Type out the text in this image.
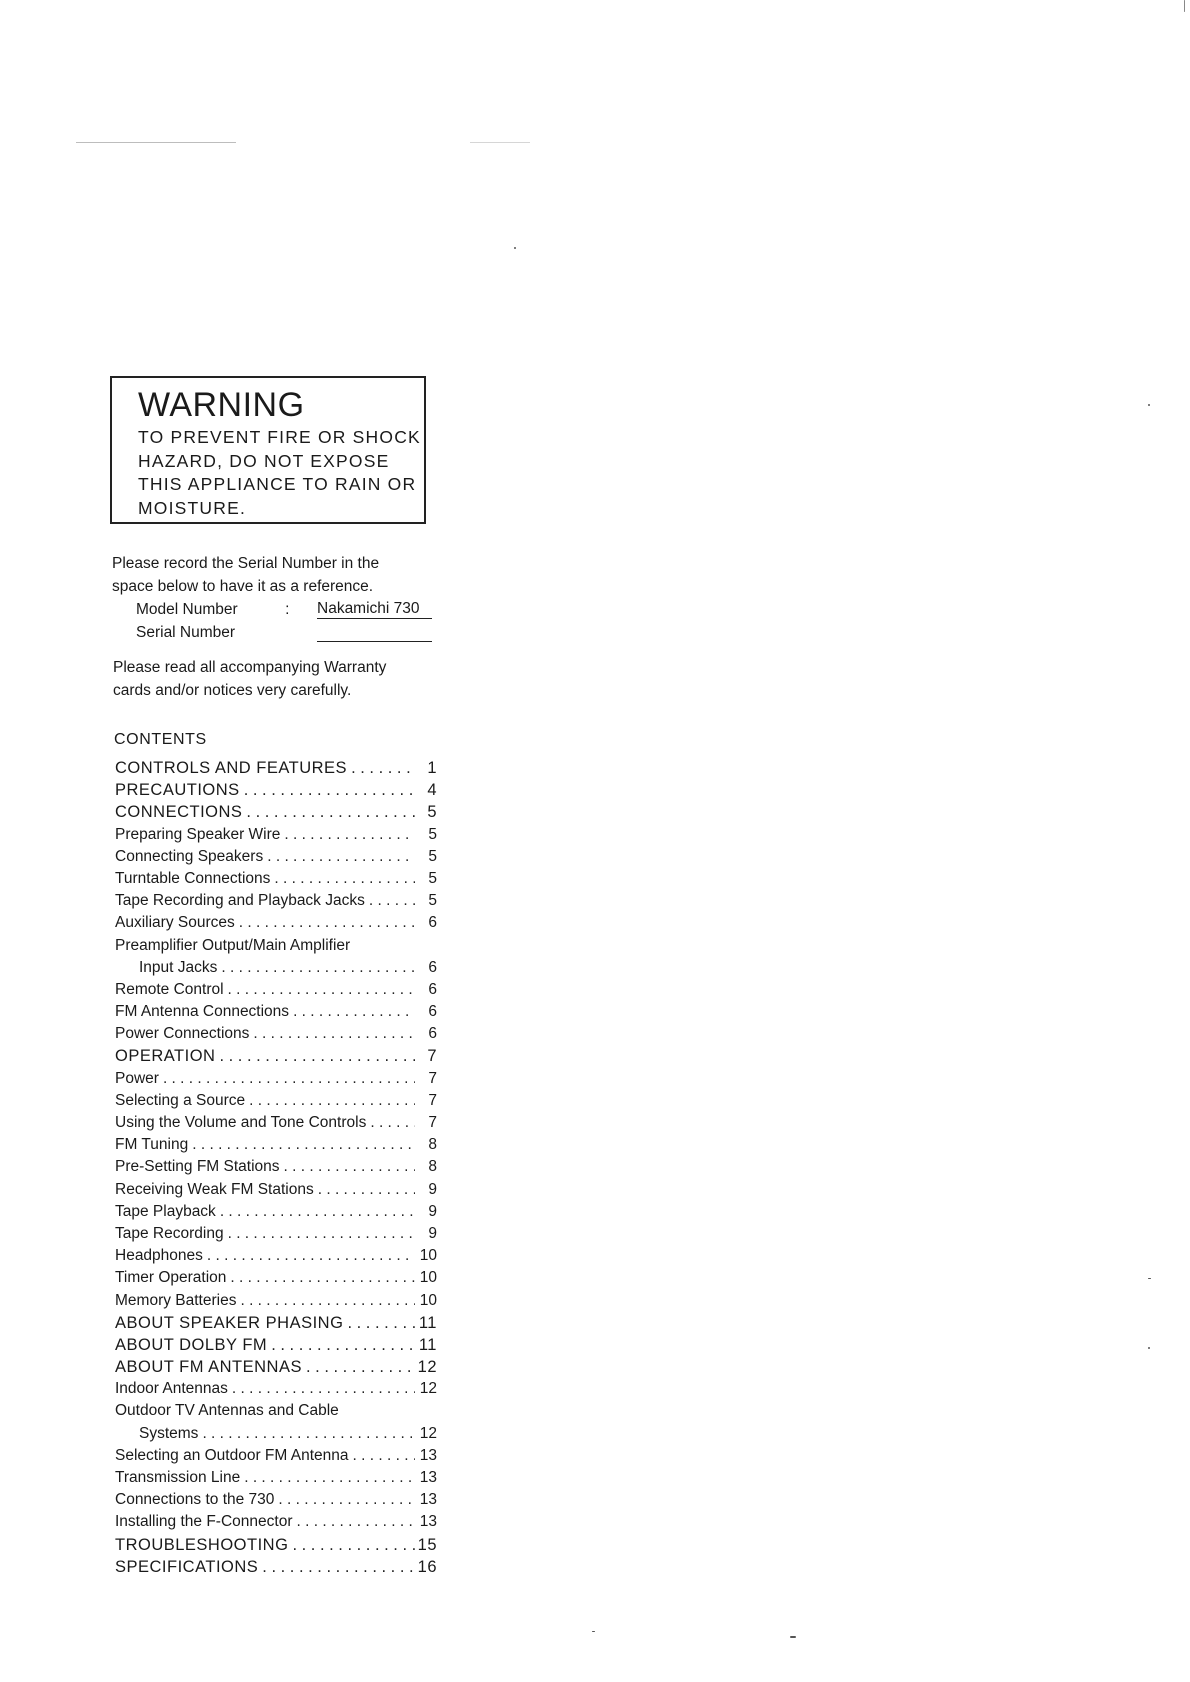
WARNING

TO PREVENT FIRE OR SHOCK
HAZARD, DO NOT EXPOSE
THIS APPLIANCE TO RAIN OR
MOISTURE.

Please record the Serial Number in the

space below to have it as a reference.

Model Number	:	Nakamichi 730
Serial Number

Please read all accompanying Warranty

cards and/or notices very carefully.

CONTENTS
CONTROLS AND FEATURES . . .	1
PRECAUTIONS . . .	4
CONNECTIONS . . .	5
Preparing Speaker Wire . . .	5
Connecting Speakers . . .	5
Turntable Connections . . .	5
Tape Recording and Playback Jacks . . .	5
Auxiliary Sources . . .	6
Preamplifier Output/Main Amplifier
Input Jacks . . .	6
Remote Control . . .	6
FM Antenna Connections . . .	6
Power Connections . . .	6
OPERATION . . .	7
Power . . .	7
Selecting a Source . . .	7
Using the Volume and Tone Controls . . .	7
FM Tuning . . .	8
Pre-Setting FM Stations . . .	8
Receiving Weak FM Stations . . .	9
Tape Playback . . .	9
Tape Recording . . .	9
Headphones . . .	10
Timer Operation . . .	10
Memory Batteries . . .	10
ABOUT SPEAKER PHASING . . .	11
ABOUT DOLBY FM . . .	11
ABOUT FM ANTENNAS . . .	12
Indoor Antennas . . .	12
Outdoor TV Antennas and Cable
Systems . . .	12
Selecting an Outdoor FM Antenna . . .	13
Transmission Line . . .	13
Connections to the 730 . . .	13
Installing the F-Connector . . .	13
TROUBLESHOOTING . . .	15
SPECIFICATIONS . . .	16
